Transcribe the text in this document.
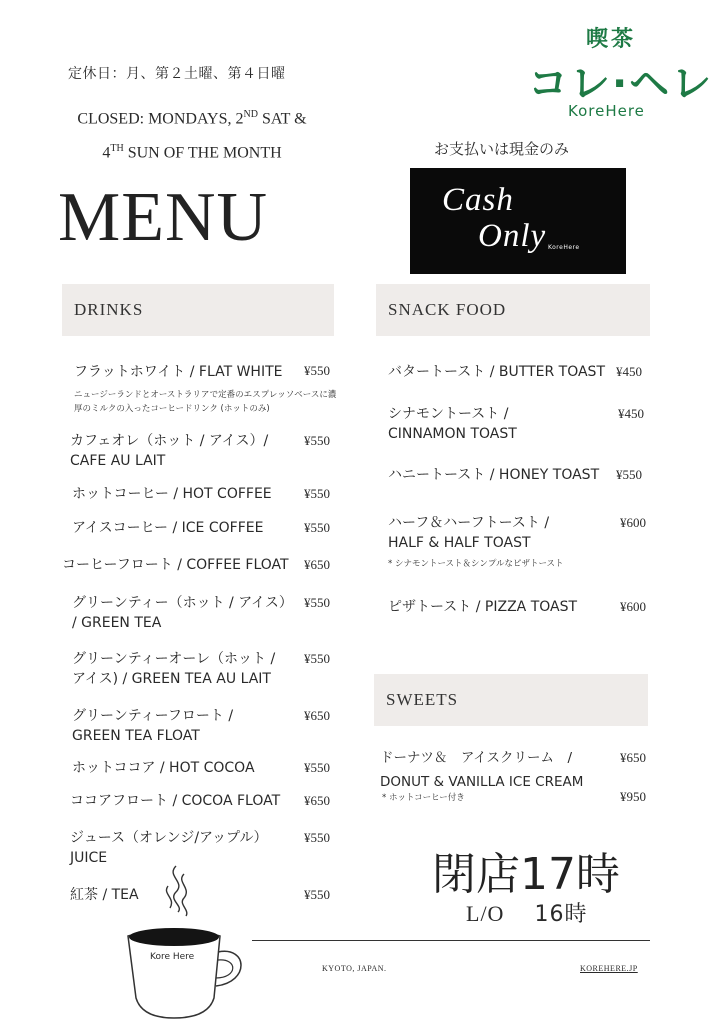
定休日：月、第２土曜、第４日曜
CLOSED: MONDAYS, 2ND SAT &
4TH SUN OF THE MONTH
MENU
喫茶
コレ·ヘレ
KoreHere
お支払いは現金のみ
Cash
Only KoreHere
DRINKS
フラットホワイト / FLAT WHITE ¥550
ニュージーランドとオーストラリアで定番のエスプレッソベースに濃厚のミルクの入ったコーヒードリンク (ホットのみ)
カフェオレ（ホット / アイス）/
CAFE AU LAIT
¥550
ホットコーヒー / HOT COFFEE ¥550
アイスコーヒー / ICE COFFEE	¥550
コーヒーフロート / COFFEE FLOAT ¥650
グリーンティー（ホット / アイス）
/ GREEN TEA
¥550
グリーンティーオーレ（ホット /
アイス) / GREEN TEA AU LAIT
¥550
グリーンティーフロート /
GREEN TEA FLOAT
¥650
ホットココア / HOT COCOA	¥550
ココアフロート / COCOA FLOAT ¥650
ジュース（オレンジ/アップル）
JUICE
¥550
紅茶 / TEA	¥550
SNACK FOOD
バタートースト / BUTTER TOAST ¥450
シナモントースト /
CINNAMON TOAST
¥450
ハニートースト / HONEY TOAST ¥550
ハーフ＆ハーフトースト /
HALF & HALF TOAST
¥600
* シナモントースト＆シンプルなピザトースト
ピザトースト / PIZZA TOAST	¥600
SWEETS
ドーナツ＆　アイスクリーム　/
DONUT & VANILLA ICE CREAM
* ホットコーヒー付き
¥650
¥950
閉店17時
L/O 16時
KYOTO, JAPAN.	KOREHERE.JP
Kore Here
